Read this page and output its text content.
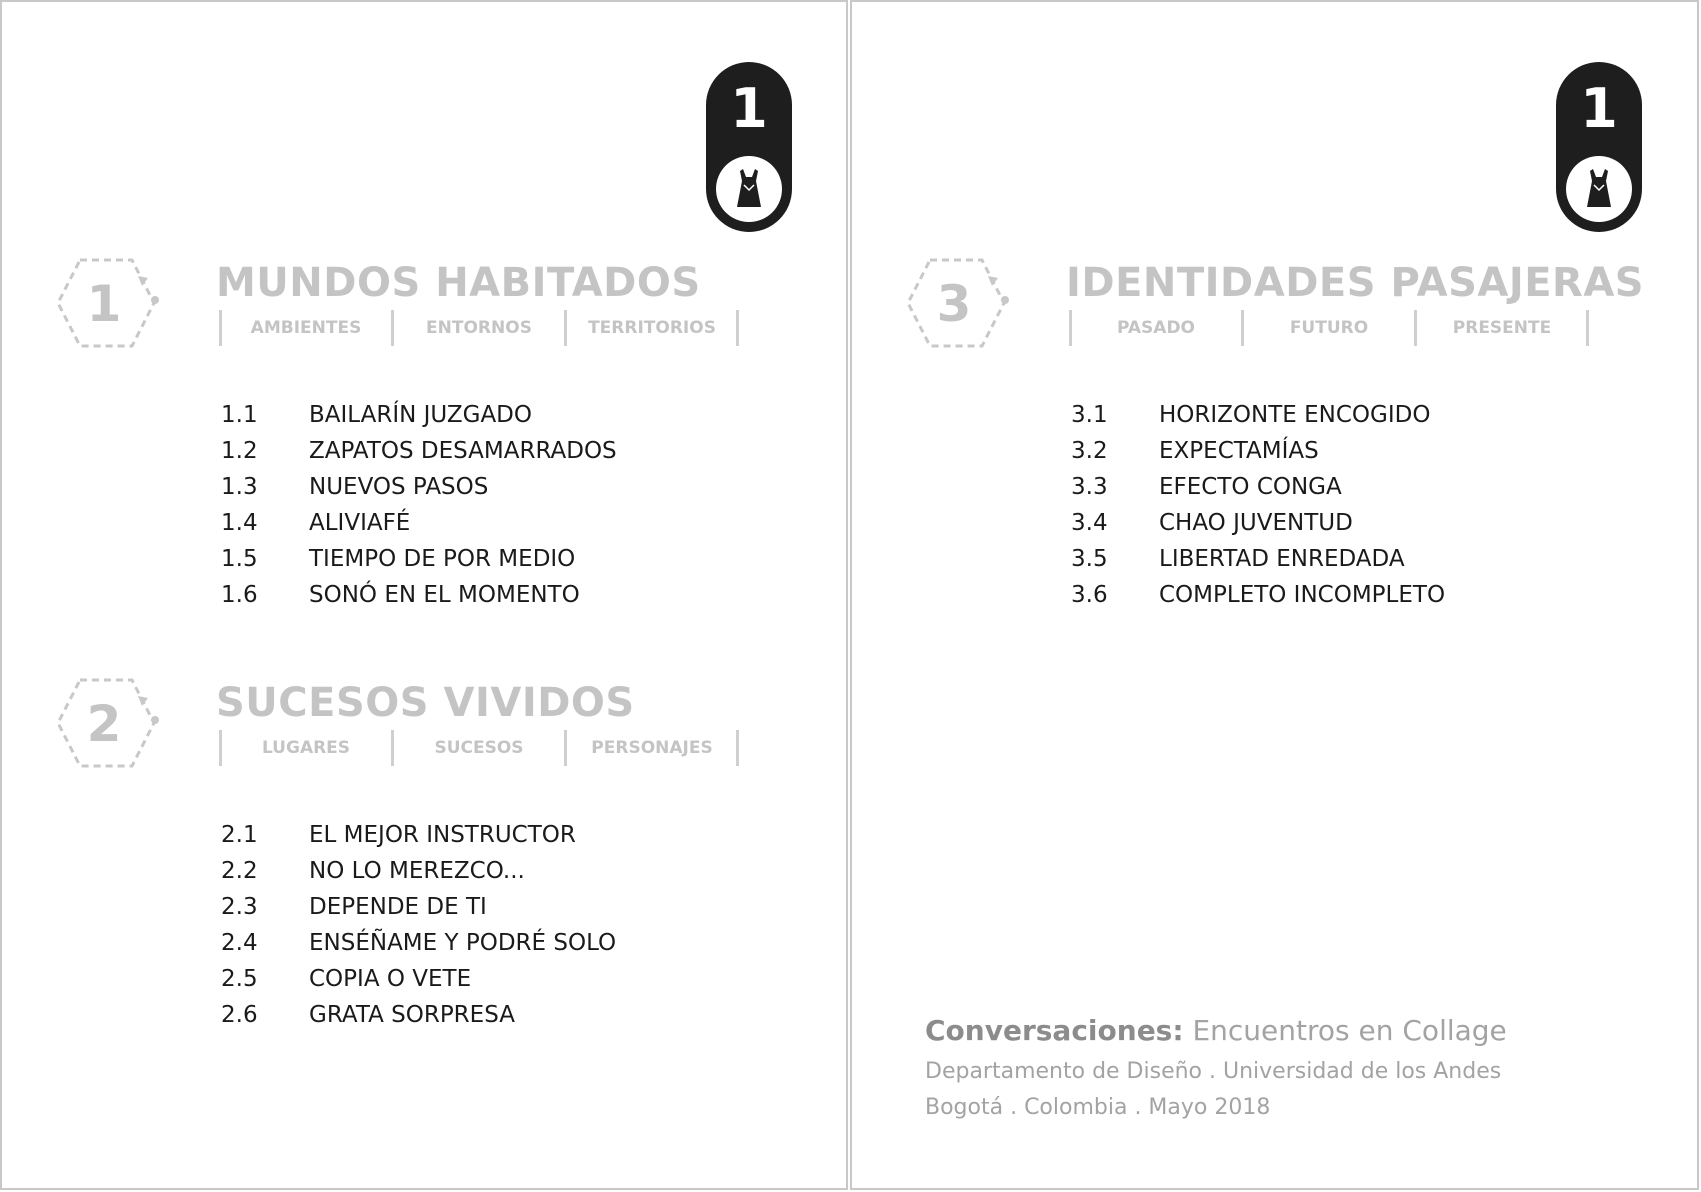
1
1 MUNDOS HABITADOS
AMBIENTES	ENTORNOS	TERRITORIOS
1.1 BAILARÍN JUZGADO
1.2 ZAPATOS DESAMARRADOS
1.3 NUEVOS PASOS
1.4 ALIVIAFÉ
1.5 TIEMPO DE POR MEDIO
1.6 SONÓ EN EL MOMENTO
2 SUCESOS VIVIDOS
LUGARES	SUCESOS	PERSONAJES
2.1 EL MEJOR INSTRUCTOR
2.2 NO LO MEREZCO...
2.3 DEPENDE DE TI
2.4 ENSÉÑAME Y PODRÉ SOLO
2.5 COPIA O VETE
2.6 GRATA SORPRESA
1
3 IDENTIDADES PASAJERAS
PASADO	FUTURO	PRESENTE
3.1 HORIZONTE ENCOGIDO
3.2 EXPECTAMÍAS
3.3 EFECTO CONGA
3.4 CHAO JUVENTUD
3.5 LIBERTAD ENREDADA
3.6 COMPLETO INCOMPLETO
Conversaciones: Encuentros en Collage
Departamento de Diseño . Universidad de los Andes
Bogotá . Colombia . Mayo 2018
